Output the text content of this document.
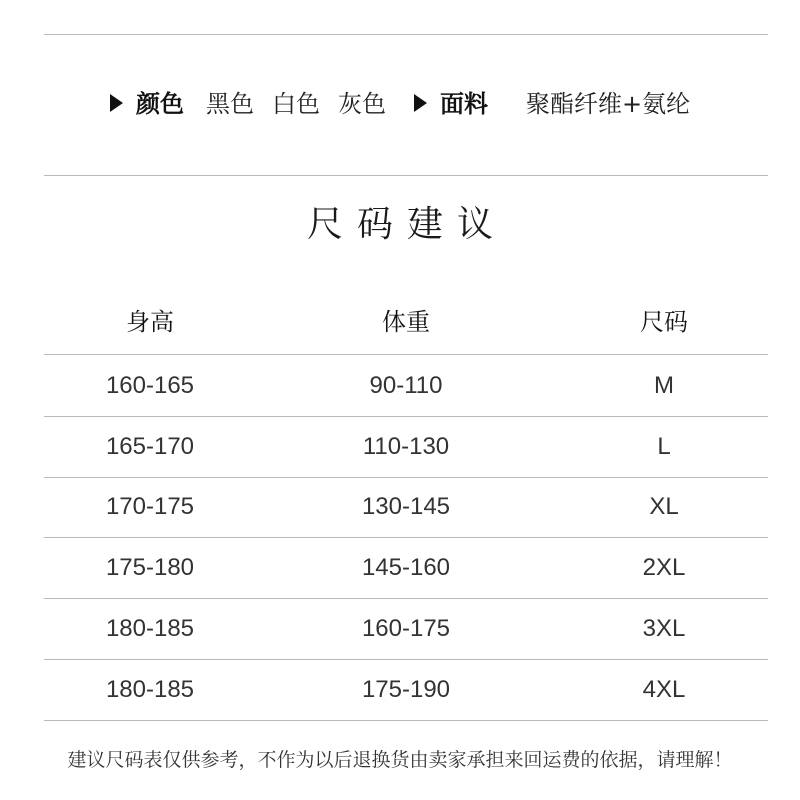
颜色 黑色 白色 灰色 面料 聚酯纤维+氨纶
尺码建议
身高	体重	尺码
160-165	90-110	M
165-170	110-130	L
170-175	130-145	XL
175-180	145-160	2XL
180-185	160-175	3XL
180-185	175-190	4XL
建议尺码表仅供参考，不作为以后退换货由卖家承担来回运费的依据，请理解！
